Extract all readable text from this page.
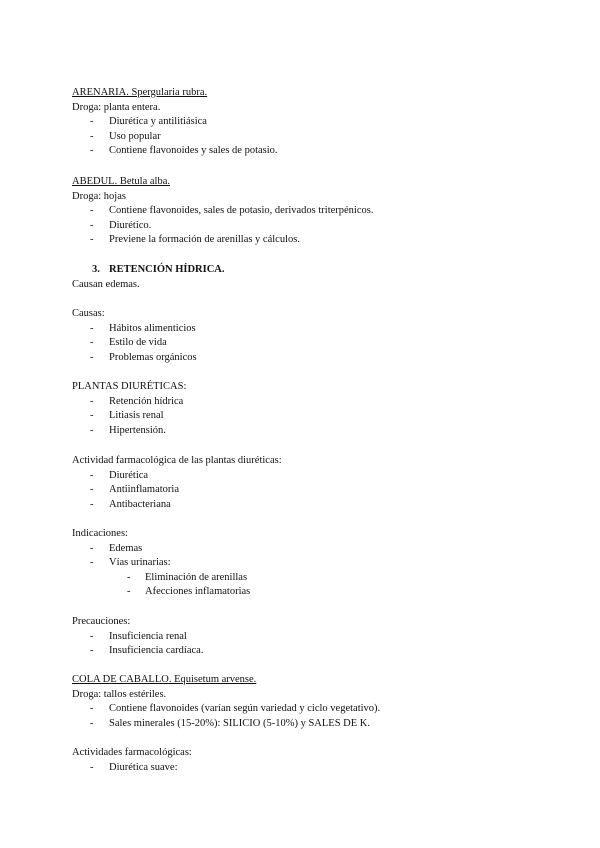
ARENARIA. Spergularia rubra.
Droga: planta entera.
- Diurética y antilitiásica
- Uso popular
- Contiene flavonoides y sales de potasio.
ABEDUL. Betula alba.
Droga: hojas
- Contiene flavonoides, sales de potasio, derivados triterpénicos.
- Diurético.
- Previene la formación de arenillas y cálculos.
3. RETENCIÓN HÍDRICA.
Causan edemas.
Causas:
- Hábitos alimenticios
- Estilo de vida
- Problemas orgánicos
PLANTAS DIURÉTICAS:
- Retención hídrica
- Litiasis renal
- Hipertensión.
Actividad farmacológica de las plantas diuréticas:
- Diurética
- Antiinflamatoria
- Antibacteriana
Indicaciones:
- Edemas
- Vías urinarias:
- Eliminación de arenillas
- Afecciones inflamatorias
Precauciones:
- Insuficiencia renal
- Insuficiencia cardíaca.
COLA DE CABALLO. Equisetum arvense.
Droga: tallos estériles.
- Contiene flavonoides (varían según variedad y ciclo vegetativo).
- Sales minerales (15-20%): SILICIO (5-10%) y SALES DE K.
Actividades farmacológicas:
- Diurética suave:
